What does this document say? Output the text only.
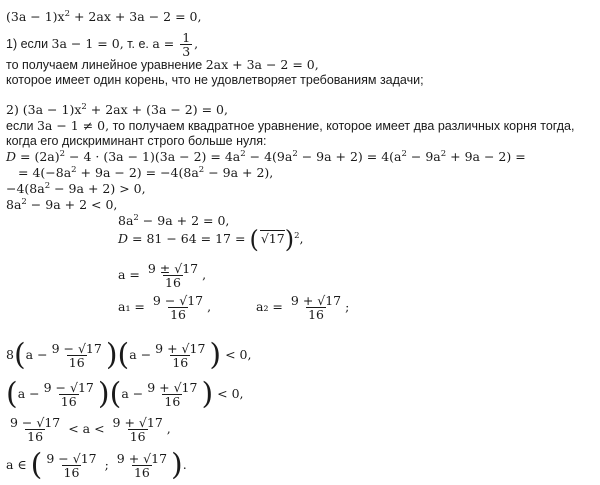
$(3a - 1)x^2 + 2ax + 3a - 2 = 0$,
1) если 3a − 1 = 0, т. е. $a = \frac{1}{3}$ ,
то получаем линейное уравнение 2ax + 3a − 2 = 0,
которое имеет один корень, что не удовлетворяет требованиям задачи;
2) $(3a - 1)x^2 + 2ax + (3a - 2) = 0$,
если 3a − 1 ≠ 0, то получаем квадратное уравнение, которое имеет два различных корня тогда,
когда его дискриминант строго больше нуля:
$D = (2a)^2 - 4 \cdot (3a - 1)(3a - 2) = 4a^2 - 4(9a^2 - 9a + 2) = 4(a^2 - 9a^2 + 9a - 2)$ =
= $4(-8a^2 + 9a - 2) = -4(8a^2 - 9a + 2)$,
$-4(8a^2 - 9a + 2) > 0$,
$8a^2 - 9a + 2 < 0$,
$8a^2 - 9a + 2 = 0$,
D = 81 − 64 = 17 = ( √17)$^2$,
$a = \frac{9 \pm √17}{16}$ ,
$a_1 = \frac{9 - √17}{16}$ ,	$a_2 = \frac{9 + √17}{16}$ ;
$8(a - \frac{9 - √17}{16} )(a - \frac{9 + √17}{16}$ ) < 0,
$(a - \frac{9 - √17}{16} )(a - \frac{9 + √17}{16}$ ) < 0,
$\frac{9 - √17}{16} < a < \frac{9 + √17}{16}$ ,
a ∈ ( $\frac{9 - √17}{16}$ ; $\frac{9 + √17}{16}$ ).
